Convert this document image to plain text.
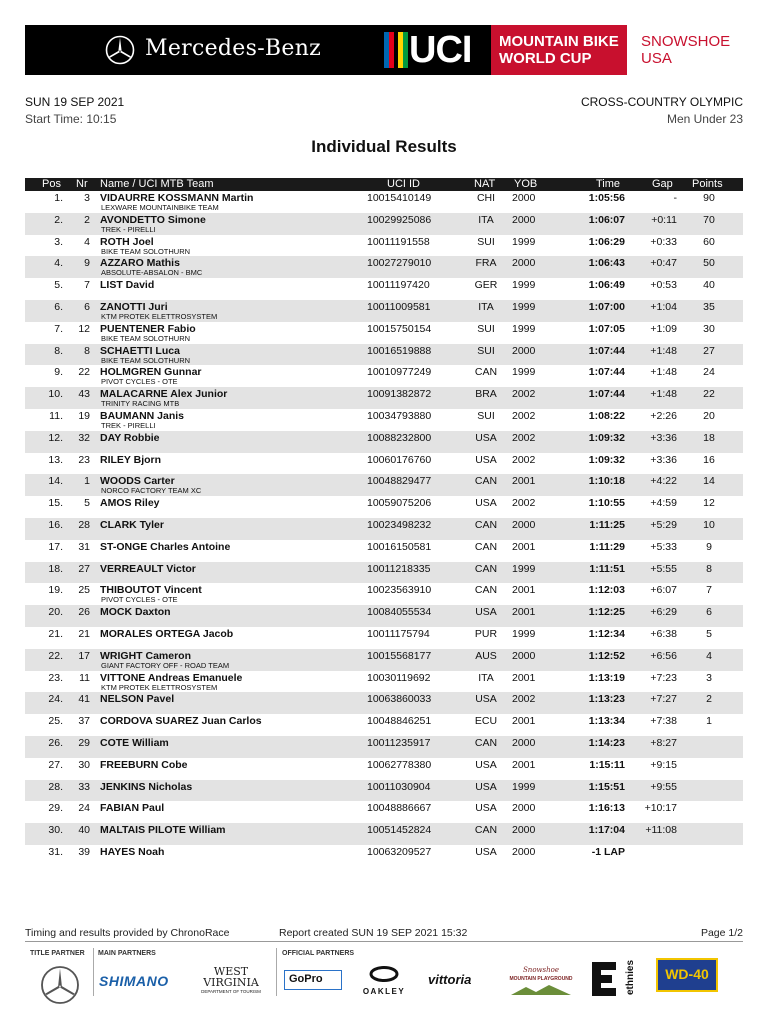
Mercedes-Benz UCI MOUNTAIN BIKE
WORLD CUP
SNOWSHOE
USA
SUN 19 SEP 2021
Start Time: 10:15
CROSS-COUNTRY OLYMPIC
Men Under 23
Individual Results
Pos Nr Name / UCI MTB Team	UCI ID	NAT YOB	Time	Gap Points
1.	3 VIDAURRE KOSSMANN Martin
LEXWARE MOUNTAINBIKE TEAM
10015410149	CHI	2000	1:05:56	-	90
2.	2 AVONDETTO Simone
TREK - PIRELLI
10029925086	ITA	2000	1:06:07	+0:11	70
3.	4 ROTH Joel
BIKE TEAM SOLOTHURN
10011191558	SUI	1999	1:06:29	+0:33	60
4.	9 AZZARO Mathis
ABSOLUTE-ABSALON - BMC
10027279010	FRA 2000	1:06:43	+0:47	50
5.	7 LIST David	10011197420	GER 1999	1:06:49	+0:53	40
6.	6 ZANOTTI Juri
KTM PROTEK ELETTROSYSTEM
10011009581	ITA	1999	1:07:00	+1:04	35
7.	12 PUENTENER Fabio
BIKE TEAM SOLOTHURN
10015750154	SUI	1999	1:07:05	+1:09	30
8.	8 SCHAETTI Luca
BIKE TEAM SOLOTHURN
10016519888	SUI	2000	1:07:44	+1:48	27
9.	22 HOLMGREN Gunnar
PIVOT CYCLES - OTE
10010977249	CAN 1999	1:07:44	+1:48	24
10.	43 MALACARNE Alex Junior
TRINITY RACING MTB
10091382872	BRA 2002	1:07:44	+1:48	22
11.	19 BAUMANN Janis
TREK - PIRELLI
10034793880	SUI	2002	1:08:22	+2:26	20
12.	32 DAY Robbie	10088232800	USA 2002	1:09:32	+3:36	18
13.	23 RILEY Bjorn	10060176760	USA 2002	1:09:32	+3:36	16
14.	1 WOODS Carter
NORCO FACTORY TEAM XC
10048829477	CAN 2001	1:10:18	+4:22	14
15.	5 AMOS Riley	10059075206	USA 2002	1:10:55	+4:59	12
16.	28 CLARK Tyler	10023498232	CAN 2000	1:11:25	+5:29	10
17.	31 ST-ONGE Charles Antoine	10016150581	CAN 2001	1:11:29	+5:33	9
18.	27 VERREAULT Victor	10011218335	CAN 1999	1:11:51	+5:55	8
19.	25 THIBOUTOT Vincent
PIVOT CYCLES - OTE
10023563910	CAN 2001	1:12:03	+6:07	7
20.	26 MOCK Daxton	10084055534	USA 2001	1:12:25	+6:29	6
21.	21 MORALES ORTEGA Jacob	10011175794	PUR 1999	1:12:34	+6:38	5
22.	17 WRIGHT Cameron
GIANT FACTORY OFF - ROAD TEAM
10015568177	AUS 2000	1:12:52	+6:56	4
23.	11 VITTONE Andreas Emanuele
KTM PROTEK ELETTROSYSTEM
10030119692	ITA	2001	1:13:19	+7:23	3
24.	41 NELSON Pavel	10063860033	USA 2002	1:13:23	+7:27	2
25.	37 CORDOVA SUAREZ Juan Carlos	10048846251	ECU 2001	1:13:34	+7:38	1
26.	29 COTE William	10011235917	CAN 2000	1:14:23	+8:27
27.	30 FREEBURN Cobe	10062778380	USA 2001	1:15:11	+9:15
28.	33 JENKINS Nicholas	10011030904	USA 1999	1:15:51	+9:55
29.	24 FABIAN Paul	10048886667	USA 2000	1:16:13	+10:17
30.	40 MALTAIS PILOTE William	10051452824	CAN 2000	1:17:04	+11:08
31.	39 HAYES Noah	10063209527	USA 2000	-1 LAP
Timing and results provided by ChronoRace	Report created SUN 19 SEP 2021 15:32	Page 1/2
TITLE PARTNER MAIN PARTNERS	OFFICIAL PARTNERS
SHIMANO
WEST
VIRGINIA
DEPARTMENT OF TOURISM
GoPro
OAKLEY
vittoria
Snowshoe
MOUNTAIN PLAYGROUND	ethnies	WD-40
